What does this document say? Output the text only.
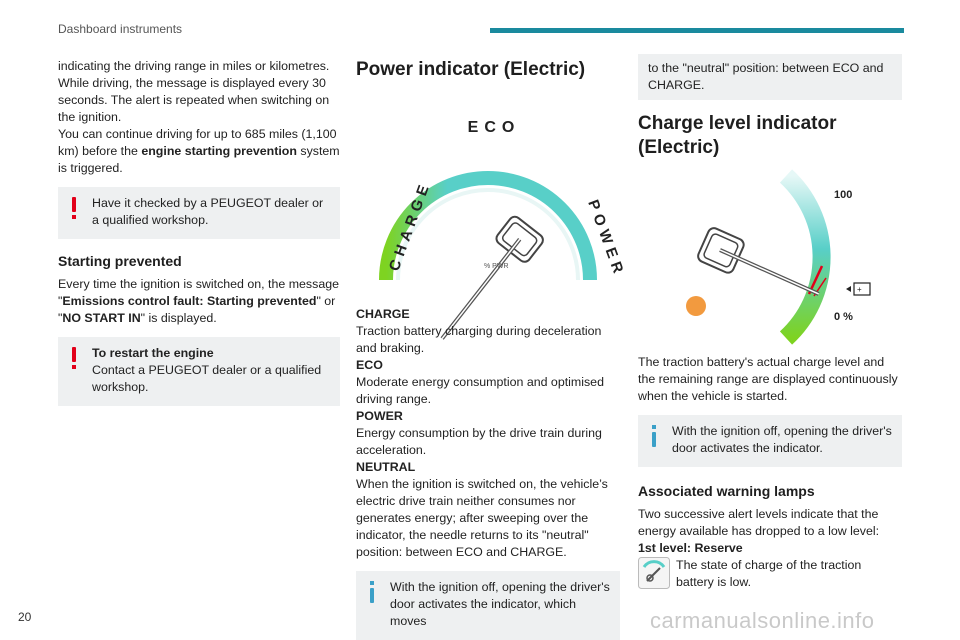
Dashboard instruments

indicating the driving range in miles or kilometres.

While driving, the message is displayed every 30 seconds. The alert is repeated when switching on the ignition.

You can continue driving for up to 685 miles (1,100 km) before the engine starting prevention system is triggered.

Have it checked by a PEUGEOT dealer or a qualified workshop.

Starting prevented

Every time the ignition is switched on, the message "Emissions control fault: Starting prevented" or "NO START IN" is displayed.

To restart the engine

Contact a PEUGEOT dealer or a qualified workshop.

Power indicator (Electric)
ECO
CHARGE	POWER
% PWR

CHARGE

Traction battery charging during deceleration and braking.

ECO

Moderate energy consumption and optimised driving range.

POWER

Energy consumption by the drive train during acceleration.

NEUTRAL

When the ignition is switched on, the vehicle’s electric drive train neither consumes nor generates energy; after sweeping over the indicator, the needle returns to its "neutral" position: between ECO and CHARGE.

With the ignition off, opening the driver's door activates the indicator, which moves

to the "neutral" position: between ECO and CHARGE.

Charge level indicator (Electric)
100
0 %
+

The traction battery's actual charge level and the remaining range are displayed continuously when the vehicle is started.

With the ignition off, opening the driver's door activates the indicator.

Associated warning lamps

Two successive alert levels indicate that the energy available has dropped to a low level:

1st level: Reserve

The state of charge of the traction battery is low.

20	carmanualsonline.info
